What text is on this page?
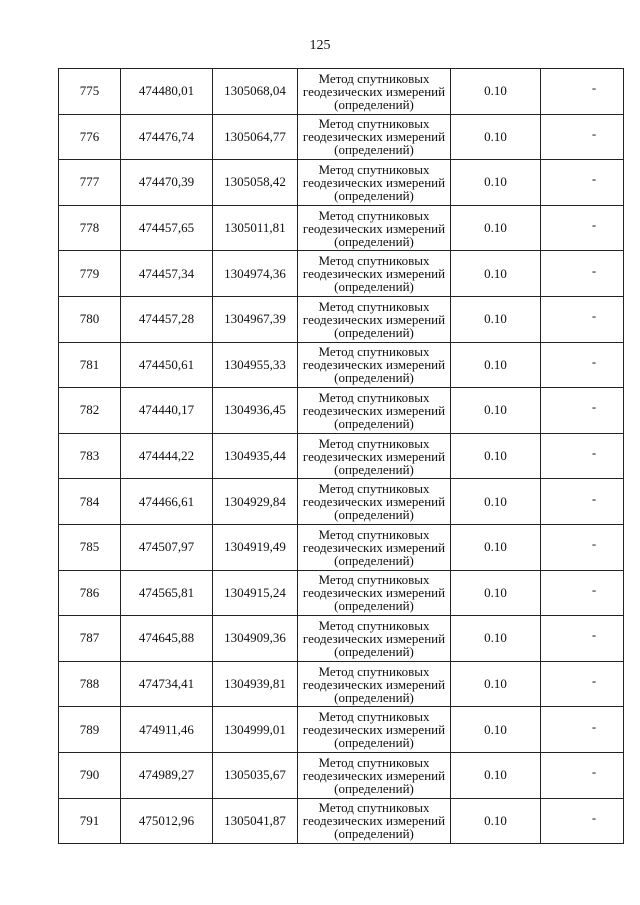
125
775	474480,01	1305068,04	Метод спутниковых
геодезических измерений
(определений)	0.10	-
776	474476,74	1305064,77	Метод спутниковых
геодезических измерений
(определений)	0.10	-
777	474470,39	1305058,42	Метод спутниковых
геодезических измерений
(определений)	0.10	-
778	474457,65	1305011,81	Метод спутниковых
геодезических измерений
(определений)	0.10	-
779	474457,34	1304974,36	Метод спутниковых
геодезических измерений
(определений)	0.10	-
780	474457,28	1304967,39	Метод спутниковых
геодезических измерений
(определений)	0.10	-
781	474450,61	1304955,33	Метод спутниковых
геодезических измерений
(определений)	0.10	-
782	474440,17	1304936,45	Метод спутниковых
геодезических измерений
(определений)	0.10	-
783	474444,22	1304935,44	Метод спутниковых
геодезических измерений
(определений)	0.10	-
784	474466,61	1304929,84	Метод спутниковых
геодезических измерений
(определений)	0.10	-
785	474507,97	1304919,49	Метод спутниковых
геодезических измерений
(определений)	0.10	-
786	474565,81	1304915,24	Метод спутниковых
геодезических измерений
(определений)	0.10	-
787	474645,88	1304909,36	Метод спутниковых
геодезических измерений
(определений)	0.10	-
788	474734,41	1304939,81	Метод спутниковых
геодезических измерений
(определений)	0.10	-
789	474911,46	1304999,01	Метод спутниковых
геодезических измерений
(определений)	0.10	-
790	474989,27	1305035,67	Метод спутниковых
геодезических измерений
(определений)	0.10	-
791	475012,96	1305041,87	Метод спутниковых
геодезических измерений
(определений)	0.10	-
